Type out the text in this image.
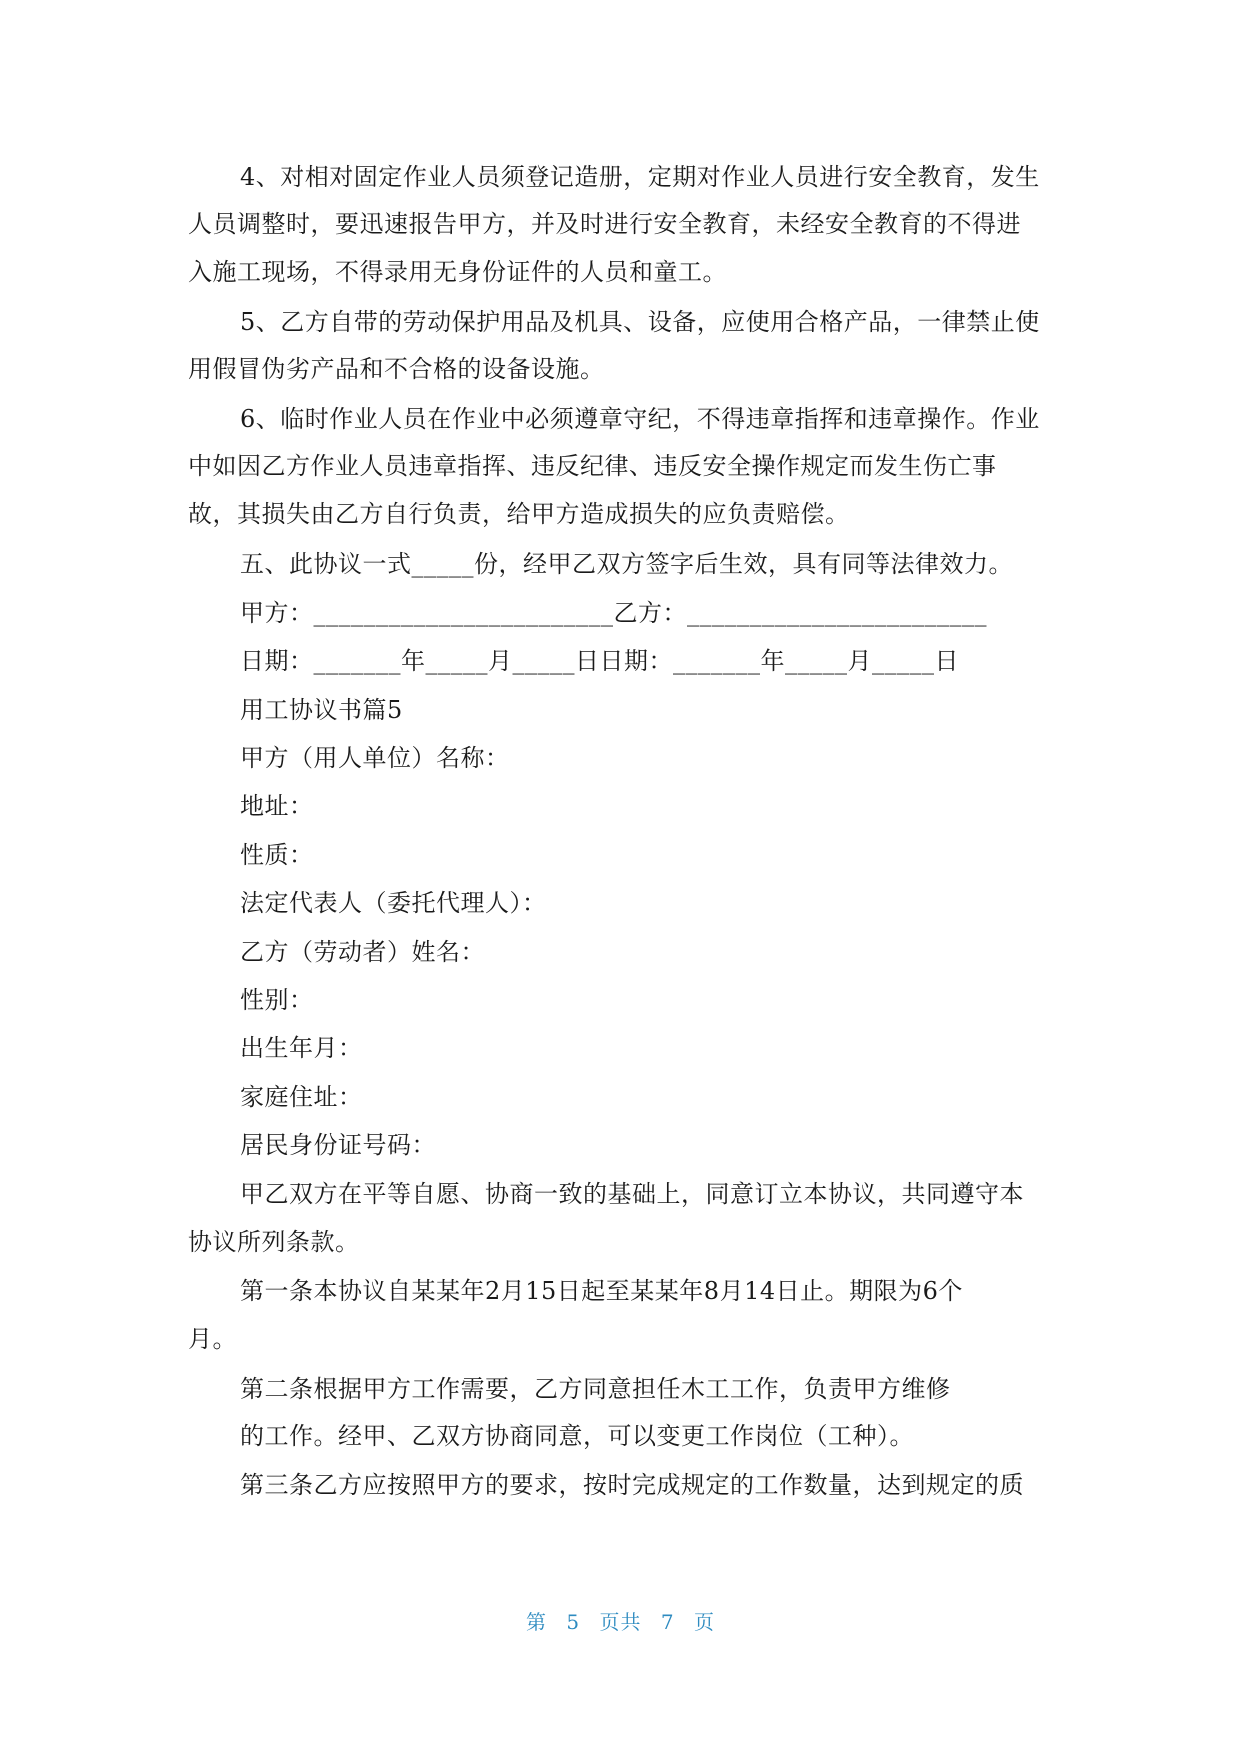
4、对相对固定作业人员须登记造册，定期对作业人员进行安全教育，发生
人员调整时，要迅速报告甲方，并及时进行安全教育，未经安全教育的不得进
入施工现场，不得录用无身份证件的人员和童工。
5、乙方自带的劳动保护用品及机具、设备，应使用合格产品，一律禁止使
用假冒伪劣产品和不合格的设备设施。
6、临时作业人员在作业中必须遵章守纪，不得违章指挥和违章操作。作业
中如因乙方作业人员违章指挥、违反纪律、违反安全操作规定而发生伤亡事
故，其损失由乙方自行负责，给甲方造成损失的应负责赔偿。
五、此协议一式_____份，经甲乙双方签字后生效，具有同等法律效力。
甲方：________________________乙方：________________________
日期：_______年_____月_____日日期：_______年_____月_____日
用工协议书篇5
甲方（用人单位）名称：
地址：
性质：
法定代表人（委托代理人）：
乙方（劳动者）姓名：
性别：
出生年月：
家庭住址：
居民身份证号码：
甲乙双方在平等自愿、协商一致的基础上，同意订立本协议，共同遵守本
协议所列条款。
第一条本协议自某某年2月15日起至某某年8月14日止。期限为6个
月。
第二条根据甲方工作需要，乙方同意担任木工工作，负责甲方维修
的工作。经甲、乙双方协商同意，可以变更工作岗位（工种）。
第三条乙方应按照甲方的要求，按时完成规定的工作数量，达到规定的质
第 5 页共 7 页
